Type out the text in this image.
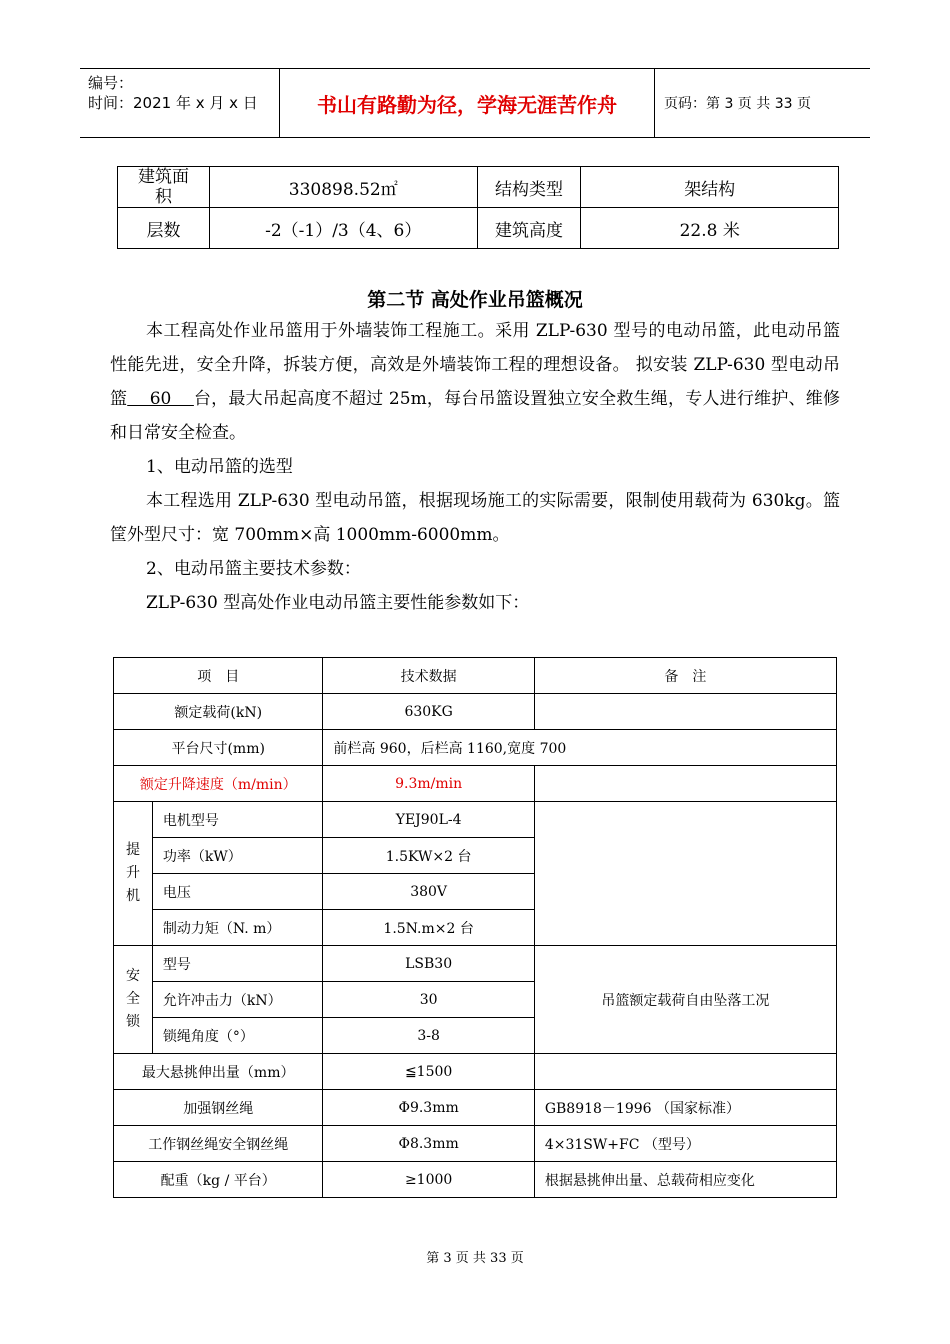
编号：
时间：2021 年 x 月 x 日	书山有路勤为径，学海无涯苦作舟	页码：第 3 页 共 33 页
建筑面积	330898.52㎡	结构类型	架结构
层数	-2（-1）/3（4、6）	建筑高度	22.8 米
第二节 高处作业吊篮概况

本工程高处作业吊篮用于外墙装饰工程施工。采用 ZLP-630 型号的电动吊篮，此电动吊篮性能先进，安全升降，拆装方便，高效是外墙装饰工程的理想设备。 拟安装 ZLP-630 型电动吊篮    60    台，最大吊起高度不超过 25m，每台吊篮设置独立安全救生绳，专人进行维护、维修和日常安全检查。

1、电动吊篮的选型

本工程选用 ZLP-630 型电动吊篮，根据现场施工的实际需要，限制使用载荷为 630kg。篮筐外型尺寸：宽 700mm×高 1000mm-6000mm。

2、电动吊篮主要技术参数：

ZLP-630 型高处作业电动吊篮主要性能参数如下：

项　目		技术数据	备　注
额定载荷(kN)		630KG	
平台尺寸(mm)		前栏高 960，后栏高 1160,宽度 700	
额定升降速度（m/min）		9.3m/min	

提升机	电机型号	YEJ90L-4	
	功率（kW）	1.5KW×2 台	
	电压	380V	
	制动力矩（N. m）	1.5N.m×2 台	

安全锁	型号	LSB30	吊篮额定载荷自由坠落工况
	允许冲击力（kN）	30	
	锁绳角度（°）	3-8	
最大悬挑伸出量（mm）		≦1500	
加强钢丝绳		Φ9.3mm	GB8918－1996 （国家标准）
工作钢丝绳安全钢丝绳		Φ8.3mm	4×31SW+FC （型号）
配重（kg / 平台）		≥1000	根据悬挑伸出量、总载荷相应变化
第 3 页 共 33 页
